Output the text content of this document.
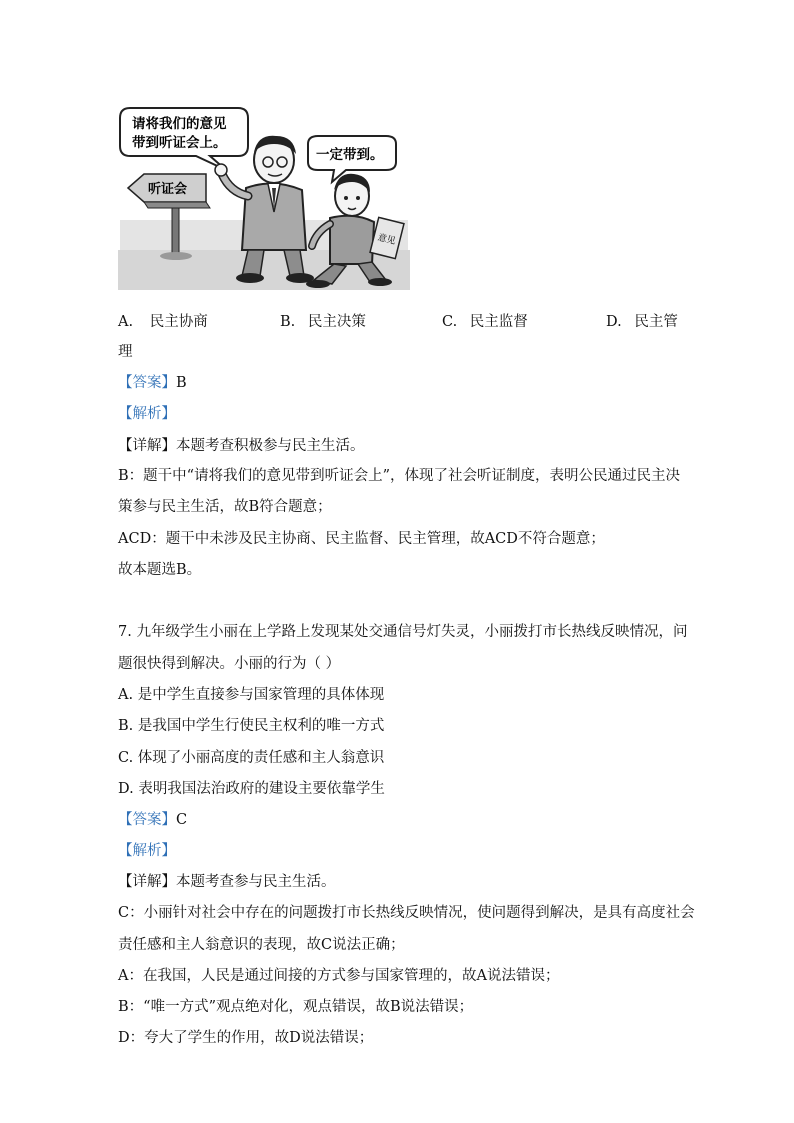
请将我们的意见
带到听证会上。
一定带到。
听证会
意见
A. 民主协商	B. 民主决策	C. 民主监督	D. 民主管
理
【答案】B
【解析】
【详解】本题考查积极参与民主生活。
B：题干中“请将我们的意见带到听证会上”，体现了社会听证制度，表明公民通过民主决
策参与民主生活，故B符合题意；
ACD：题干中未涉及民主协商、民主监督、民主管理，故ACD不符合题意；
故本题选B。
7. 九年级学生小丽在上学路上发现某处交通信号灯失灵，小丽拨打市长热线反映情况，问
题很快得到解决。小丽的行为（ ）
A. 是中学生直接参与国家管理的具体体现
B. 是我国中学生行使民主权利的唯一方式
C. 体现了小丽高度的责任感和主人翁意识
D. 表明我国法治政府的建设主要依靠学生
【答案】C
【解析】
【详解】本题考查参与民主生活。
C：小丽针对社会中存在的问题拨打市长热线反映情况，使问题得到解决，是具有高度社会
责任感和主人翁意识的表现，故C说法正确；
A：在我国，人民是通过间接的方式参与国家管理的，故A说法错误；
B：“唯一方式”观点绝对化，观点错误，故B说法错误；
D：夸大了学生的作用，故D说法错误；
